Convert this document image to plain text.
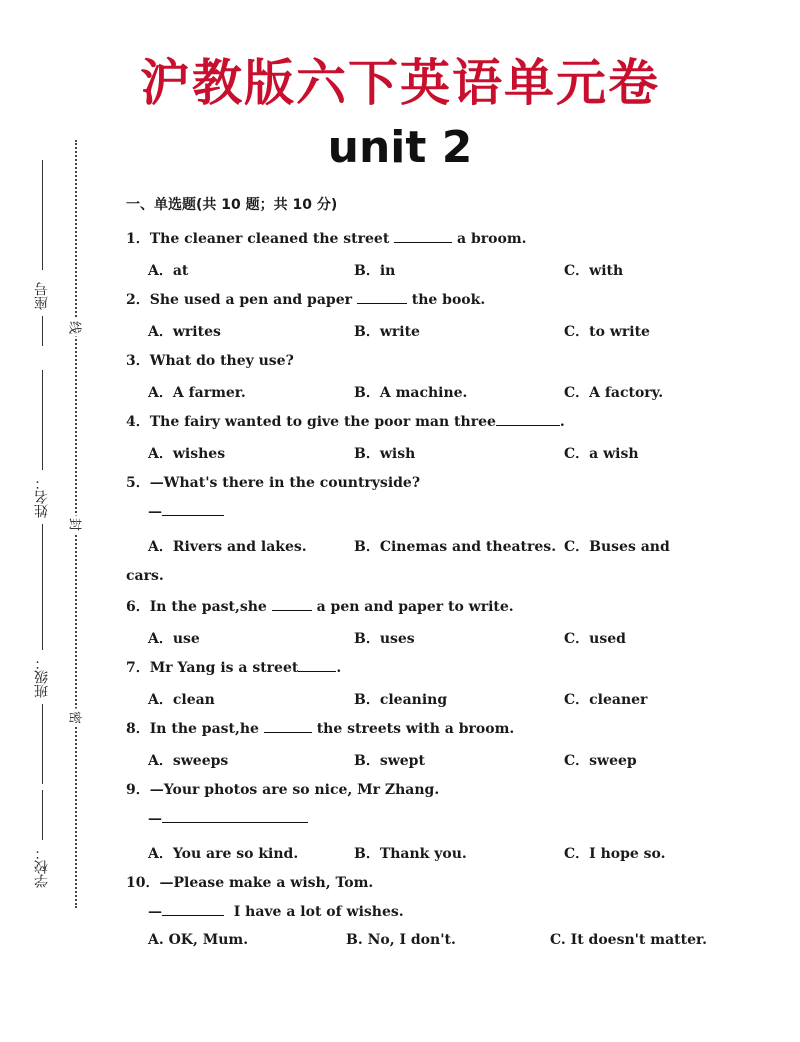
沪教版六下英语单元卷
unit 2
座号
姓名：
班级：
学校：
线
封
密
一、单选题(共 10 题；共 10 分)
1．The cleaner cleaned the street	a broom.
A．at	B．in	C．with
2．She used a pen and paper	the book.
A．writes	B．write	C．to write
3．What do they use?
A．A farmer.	B．A machine.	C．A factory.
4．The fairy wanted to give the poor man three	.
A．wishes	B．wish	C．a wish
5．—What's there in the countryside?
—
A．Rivers and lakes.	B．Cinemas and theatres. C．Buses and
cars.
6．In the past,she	a pen and paper to write.
A．use	B．uses	C．used
7．Mr Yang is a street	.
A．clean	B．cleaning	C．cleaner
8．In the past,he	the streets with a broom.
A．sweeps	B．swept	C．sweep
9．—Your photos are so nice, Mr Zhang.
—
A．You are so kind.	B．Thank you.	C．I hope so.
10．—Please make a wish, Tom.
—	I have a lot of wishes.
A. OK, Mum.	B. No, I don't.	C. It doesn't matter.
